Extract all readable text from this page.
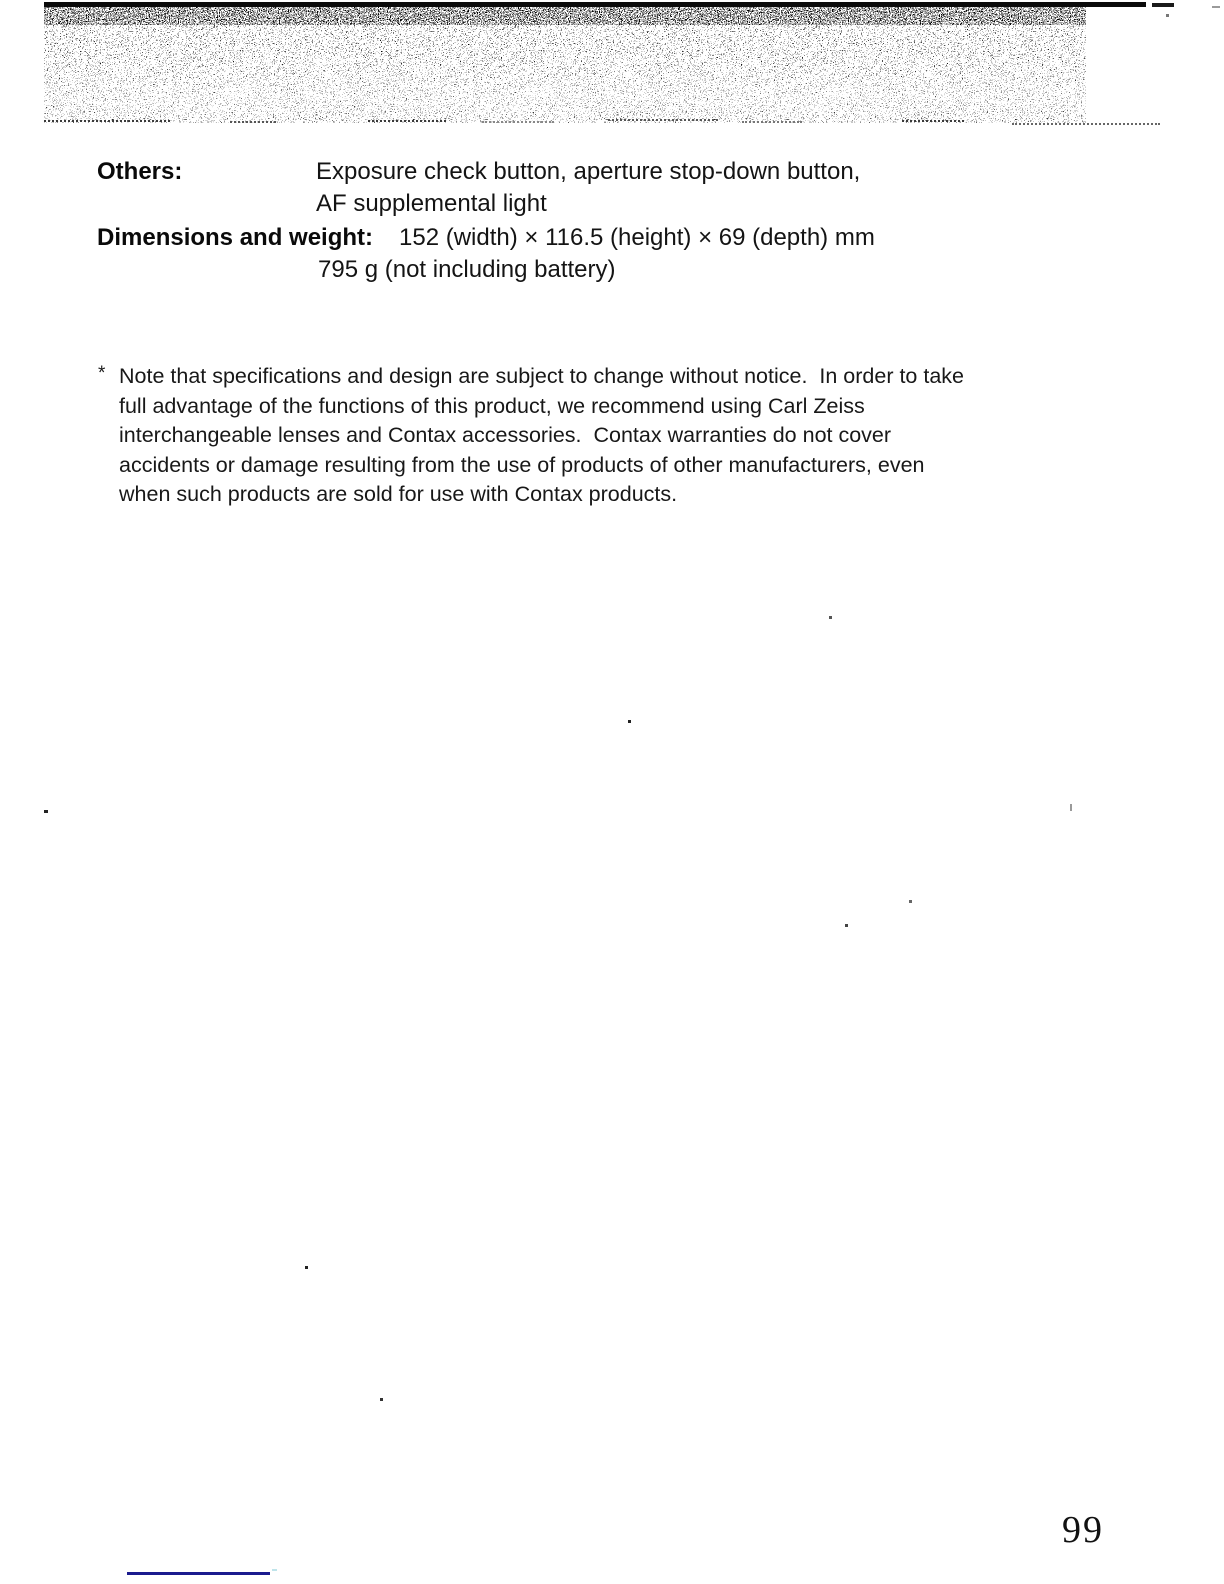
Others:	Exposure check button, aperture stop-down button,
AF supplemental light
Dimensions and weight: 152 (width) × 116.5 (height) × 69 (depth) mm
795 g (not including battery)
* Note that specifications and design are subject to change without notice.  In order to take
full advantage of the functions of this product, we recommend using Carl Zeiss
interchangeable lenses and Contax accessories.  Contax warranties do not cover
accidents or damage resulting from the use of products of other manufacturers, even
when such products are sold for use with Contax products.
99
